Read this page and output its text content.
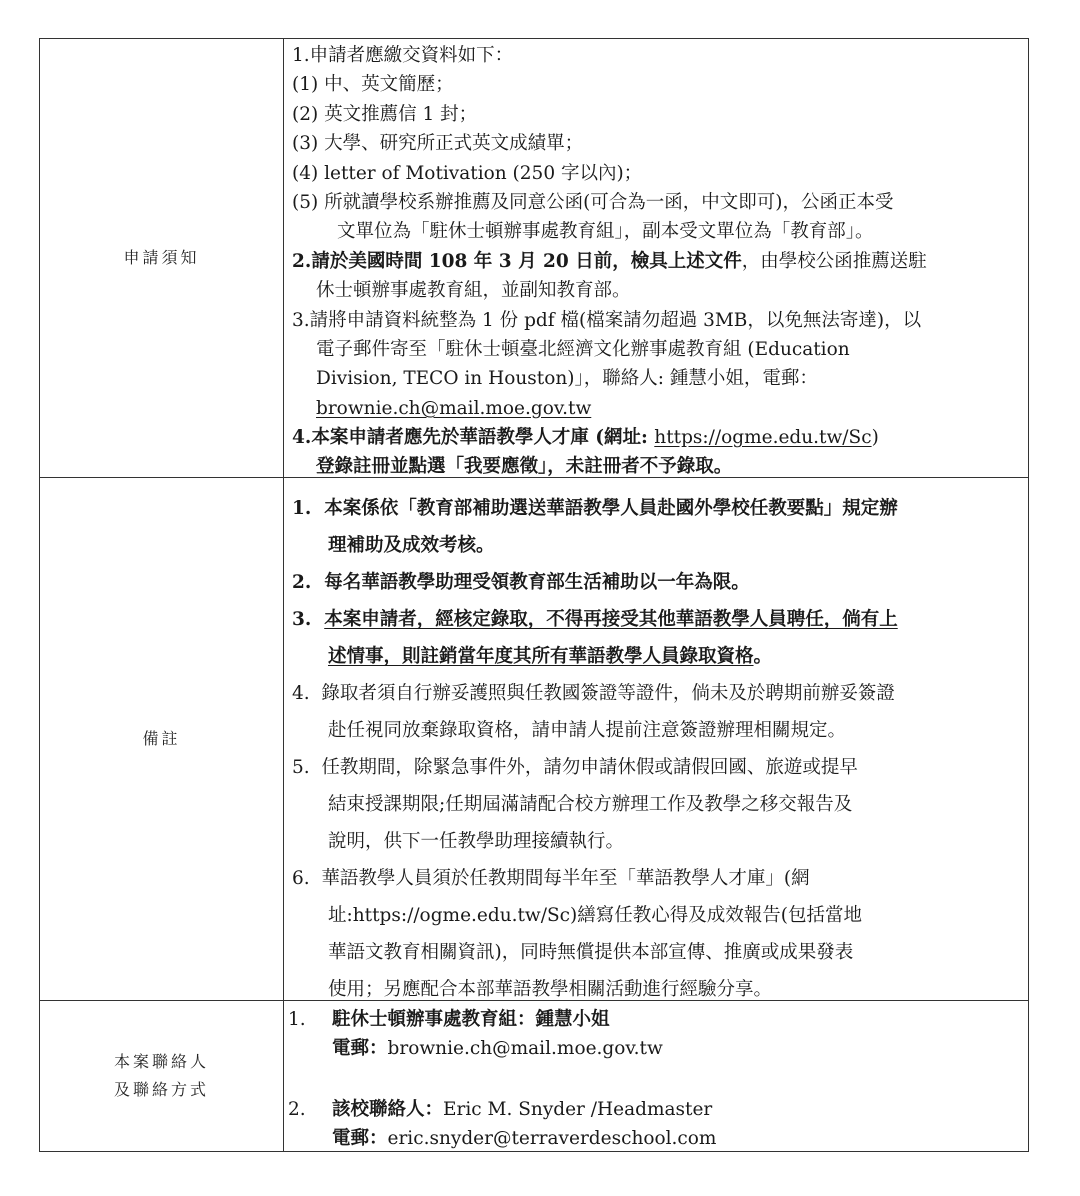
申請須知
1.申請者應繳交資料如下：
(1) 中、英文簡歷；
(2) 英文推薦信 1 封；
(3) 大學、研究所正式英文成績單；
(4) letter of Motivation (250 字以內)；
(5) 所就讀學校系辦推薦及同意公函(可合為一函，中文即可)，公函正本受
文單位為「駐休士頓辦事處教育組」，副本受文單位為「教育部」。
2.請於美國時間 108 年 3 月 20 日前，檢具上述文件，由學校公函推薦送駐
休士頓辦事處教育組，並副知教育部。
3.請將申請資料統整為 1 份 pdf 檔(檔案請勿超過 3MB，以免無法寄達)，以
電子郵件寄至「駐休士頓臺北經濟文化辦事處教育組 (Education
Division, TECO in Houston)」，聯絡人: 鍾慧小姐，電郵：
brownie.ch@mail.moe.gov.tw
4.本案申請者應先於華語教學人才庫 (網址: https://ogme.edu.tw/Sc)
登錄註冊並點選「我要應徵」，未註冊者不予錄取。
備註
1. 本案係依「教育部補助選送華語教學人員赴國外學校任教要點」規定辦
理補助及成效考核。
2. 每名華語教學助理受領教育部生活補助以一年為限。
3. 本案申請者，經核定錄取，不得再接受其他華語教學人員聘任，倘有上
述情事，則註銷當年度其所有華語教學人員錄取資格。
4. 錄取者須自行辦妥護照與任教國簽證等證件，倘未及於聘期前辦妥簽證
赴任視同放棄錄取資格，請申請人提前注意簽證辦理相關規定。
5. 任教期間，除緊急事件外，請勿申請休假或請假回國、旅遊或提早
結束授課期限;任期屆滿請配合校方辦理工作及教學之移交報告及
說明，供下一任教學助理接續執行。
6. 華語教學人員須於任教期間每半年至「華語教學人才庫」(網
址:https://ogme.edu.tw/Sc)繕寫任教心得及成效報告(包括當地
華語文教育相關資訊)，同時無償提供本部宣傳、推廣或成果發表
使用；另應配合本部華語教學相關活動進行經驗分享。
本案聯絡人
及聯絡方式
1. 駐休士頓辦事處教育組：鍾慧小姐
電郵：brownie.ch@mail.moe.gov.tw
2. 該校聯絡人：Eric M. Snyder /Headmaster
電郵：eric.snyder@terraverdeschool.com
